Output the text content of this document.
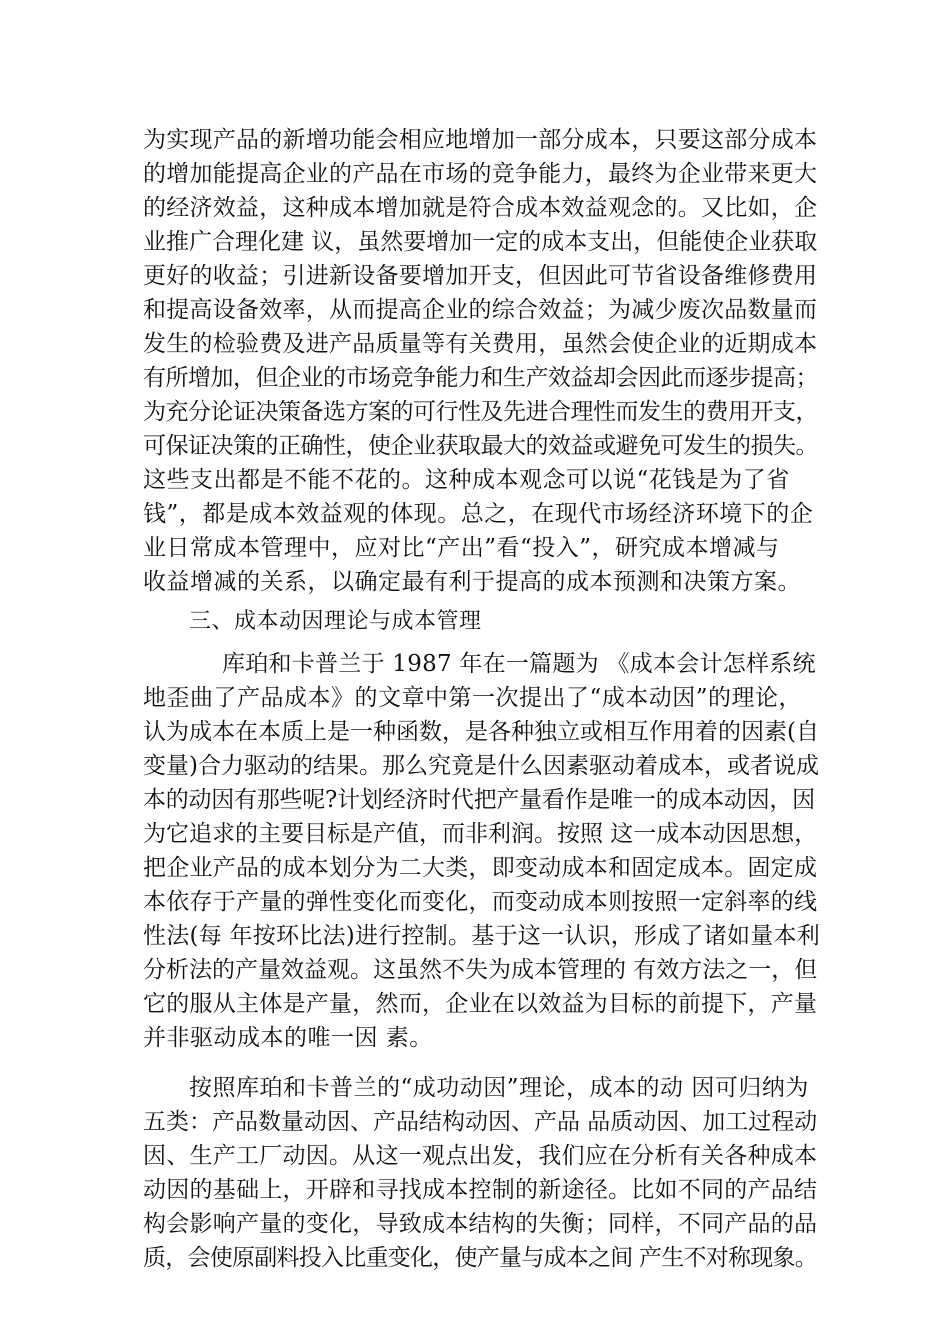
为实现产品的新增功能会相应地增加一部分成本，只要这部分成本
的增加能提高企业的产品在市场的竞争能力，最终为企业带来更大
的经济效益，这种成本增加就是符合成本效益观念的。又比如，企
业推广合理化建 议，虽然要增加一定的成本支出，但能使企业获取
更好的收益；引进新设备要增加开支，但因此可节省设备维修费用
和提高设备效率，从而提高企业的综合效益；为减少废次品数量而
发生的检验费及进产品质量等有关费用，虽然会使企业的近期成本
有所增加，但企业的市场竞争能力和生产效益却会因此而逐步提高；
为充分论证决策备选方案的可行性及先进合理性而发生的费用开支，
可保证决策的正确性，使企业获取最大的效益或避免可发生的损失。
这些支出都是不能不花的。这种成本观念可以说“花钱是为了省
钱”，都是成本效益观的体现。总之，在现代市场经济环境下的企
业日常成本管理中，应对比“产出”看“投入”，研究成本增减与
收益增减的关系，以确定最有利于提高的成本预测和决策方案。
三、成本动因理论与成本管理
库珀和卡普兰于 1987 年在一篇题为 《成本会计怎样系统
地歪曲了产品成本》的文章中第一次提出了“成本动因”的理论，
认为成本在本质上是一种函数，是各种独立或相互作用着的因素(自
变量)合力驱动的结果。那么究竟是什么因素驱动着成本，或者说成
本的动因有那些呢?计划经济时代把产量看作是唯一的成本动因，因
为它追求的主要目标是产值，而非利润。按照 这一成本动因思想，
把企业产品的成本划分为二大类，即变动成本和固定成本。固定成
本依存于产量的弹性变化而变化，而变动成本则按照一定斜率的线
性法(每 年按环比法)进行控制。基于这一认识，形成了诸如量本利
分析法的产量效益观。这虽然不失为成本管理的 有效方法之一，但
它的服从主体是产量，然而，企业在以效益为目标的前提下，产量
并非驱动成本的唯一因 素。
按照库珀和卡普兰的“成功动因”理论，成本的动 因可归纳为
五类：产品数量动因、产品结构动因、产品 品质动因、加工过程动
因、生产工厂动因。从这一观点出发，我们应在分析有关各种成本
动因的基础上，开辟和寻找成本控制的新途径。比如不同的产品结
构会影响产量的变化，导致成本结构的失衡；同样，不同产品的品
质，会使原副料投入比重变化，使产量与成本之间 产生不对称现象。
